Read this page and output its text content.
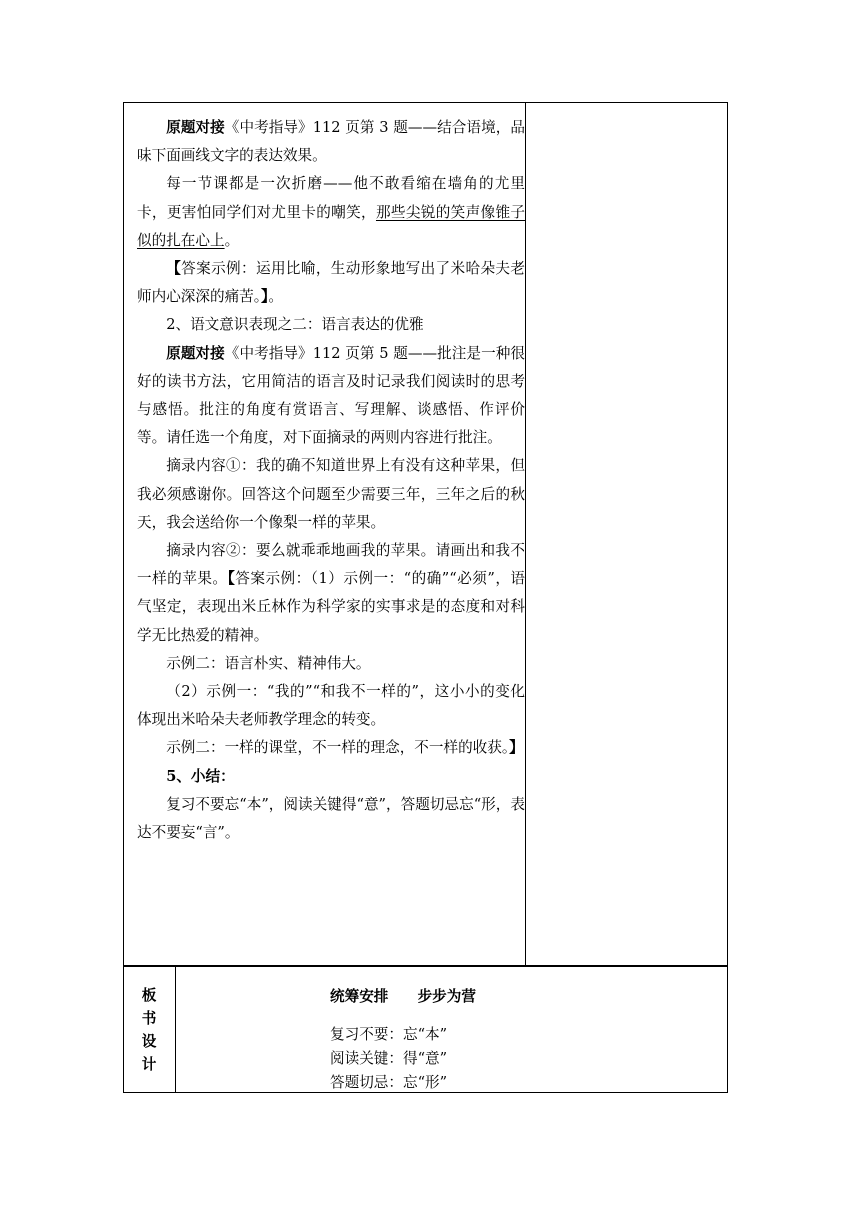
原题对接《中考指导》112 页第 3 题——结合语境，品味下面画线文字的表达效果。

每一节课都是一次折磨——他不敢看缩在墙角的尤里卡，更害怕同学们对尤里卡的嘲笑，那些尖锐的笑声像锥子似的扎在心上。

【答案示例：运用比喻，生动形象地写出了米哈朵夫老师内心深深的痛苦。】。

2、语文意识表现之二：语言表达的优雅

原题对接《中考指导》112 页第 5 题——批注是一种很好的读书方法，它用简洁的语言及时记录我们阅读时的思考与感悟。批注的角度有赏语言、写理解、谈感悟、作评价等。请任选一个角度，对下面摘录的两则内容进行批注。

摘录内容①：我的确不知道世界上有没有这种苹果，但我必须感谢你。回答这个问题至少需要三年，三年之后的秋天，我会送给你一个像梨一样的苹果。

摘录内容②：要么就乖乖地画我的苹果。请画出和我不一样的苹果。【答案示例：（1）示例一：“的确”“必须”，语气坚定，表现出米丘林作为科学家的实事求是的态度和对科学无比热爱的精神。

示例二：语言朴实、精神伟大。

（2）示例一：“我的”“和我不一样的”，这小小的变化体现出米哈朵夫老师教学理念的转变。

示例二：一样的课堂，不一样的理念，不一样的收获。】

5、小结：

复习不要忘“本”，阅读关键得“意”，答题切忌忘“形，表达不要妄“言”。

板
书
设
计
统筹安排　　步步为营
复习不要：忘“本”
阅读关键：得“意”
答题切忌：忘“形”
